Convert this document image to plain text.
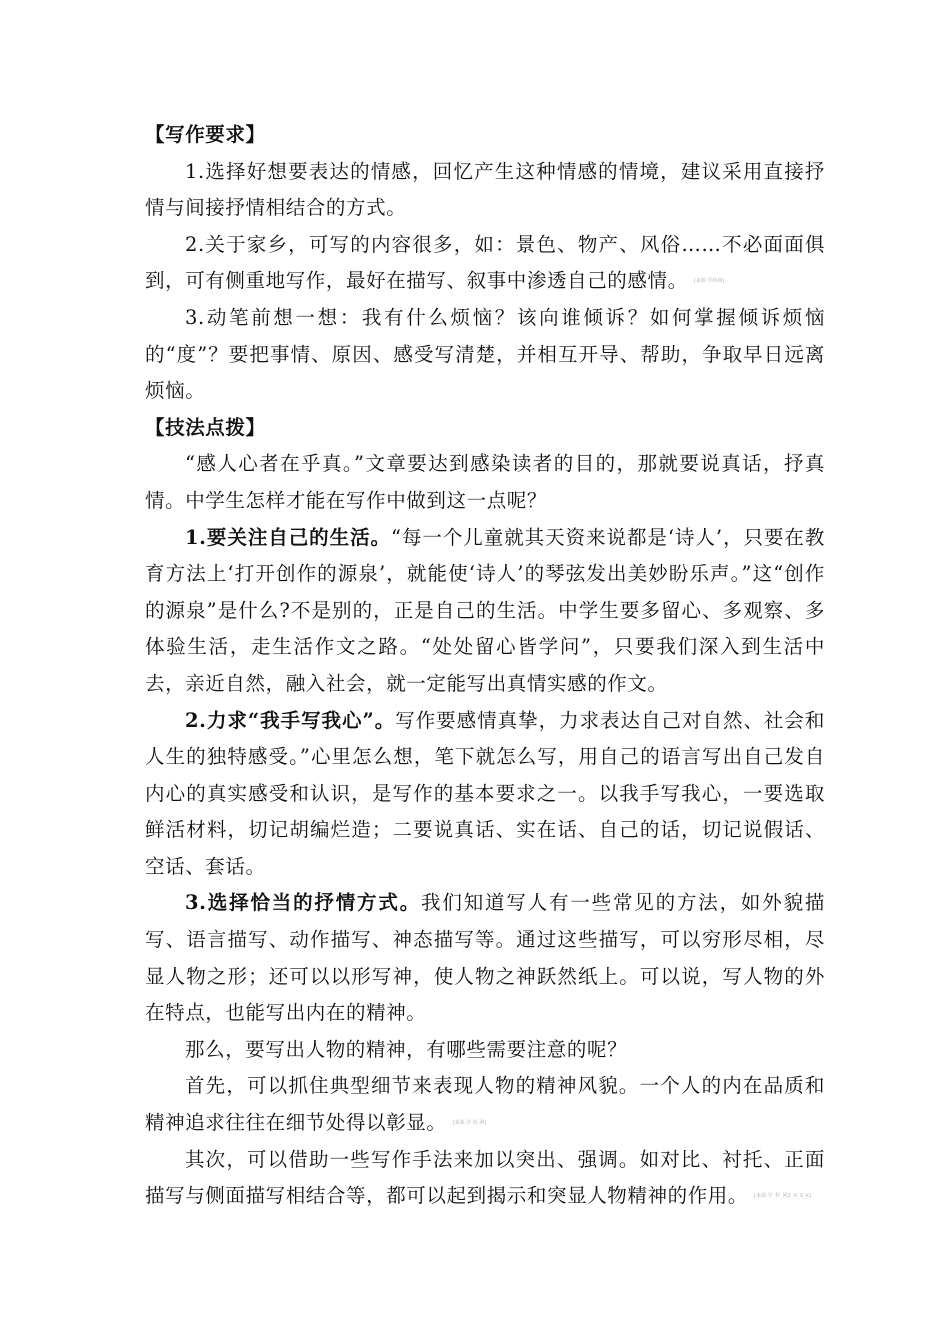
【写作要求】

1.选择好想要表达的情感，回忆产生这种情感的情境，建议采用直接抒情与间接抒情相结合的方式。

2.关于家乡，可写的内容很多，如：景色、物产、风俗……不必面面俱到，可有侧重地写作，最好在描写、叙事中渗透自己的感情。 [来源:学科网]

3.动笔前想一想：我有什么烦恼？该向谁倾诉？如何掌握倾诉烦恼的“度”？要把事情、原因、感受写清楚，并相互开导、帮助，争取早日远离烦恼。

【技法点拨】

“感人心者在乎真。”文章要达到感染读者的目的，那就要说真话，抒真情。中学生怎样才能在写作中做到这一点呢？

1.要关注自己的生活。“每一个儿童就其天资来说都是‘诗人’，只要在教育方法上‘打开创作的源泉’，就能使‘诗人’的琴弦发出美妙盼乐声。”这“创作的源泉”是什么?不是别的，正是自己的生活。中学生要多留心、多观察、多体验生活，走生活作文之路。“处处留心皆学问”，只要我们深入到生活中去，亲近自然，融入社会，就一定能写出真情实感的作文。

2.力求“我手写我心”。写作要感情真挚，力求表达自己对自然、社会和人生的独特感受。”心里怎么想，笔下就怎么写，用自己的语言写出自己发自内心的真实感受和认识，是写作的基本要求之一。以我手写我心，一要选取鲜活材料，切记胡编烂造；二要说真话、实在话、自己的话，切记说假话、空话、套话。

3.选择恰当的抒情方式。我们知道写人有一些常见的方法，如外貌描写、语言描写、动作描写、神态描写等。通过这些描写，可以穷形尽相，尽显人物之形；还可以以形写神，使人物之神跃然纸上。可以说，写人物的外在特点，也能写出内在的精神。

那么，要写出人物的精神，有哪些需要注意的呢？

首先，可以抓住典型细节来表现人物的精神风貌。一个人的内在品质和精神追求往往在细节处得以彰显。 [来源:学.科.网]

其次，可以借助一些写作手法来加以突出、强调。如对比、衬托、正面描写与侧面描写相结合等，都可以起到揭示和突显人物精神的作用。 [来源:学_科_网Z_X_X_K]
